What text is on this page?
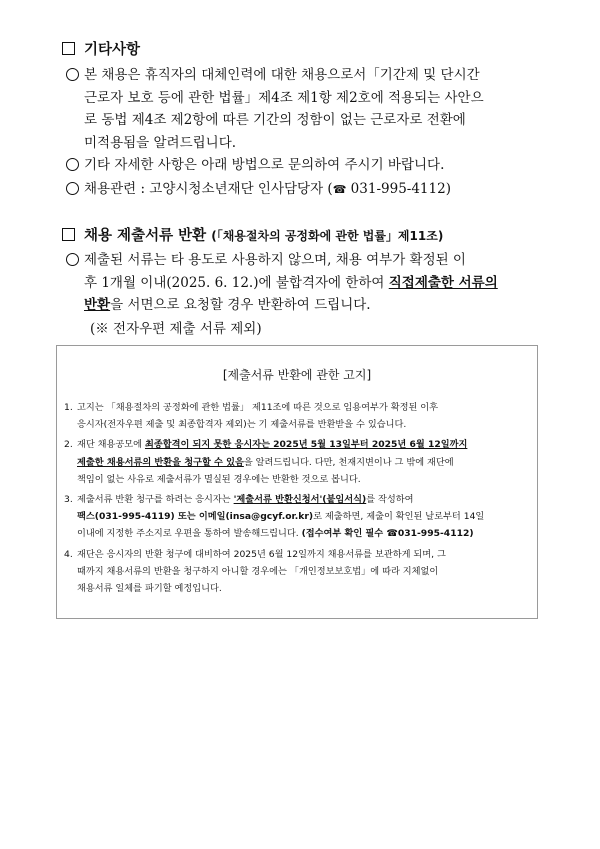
기타사항
본 채용은 휴직자의 대체인력에 대한 채용으로서「기간제 및 단시간
근로자 보호 등에 관한 법률」제4조 제1항 제2호에 적용되는 사안으
로 동법 제4조 제2항에 따른 기간의 정함이 없는 근로자로 전환에
미적용됨을 알려드립니다.
기타 자세한 사항은 아래 방법으로 문의하여 주시기 바랍니다.
채용관련 : 고양시청소년재단 인사담당자 (☎ 031-995-4112)
채용 제출서류 반환 (「채용절차의 공정화에 관한 법률」제11조)
제출된 서류는 타 용도로 사용하지 않으며, 채용 여부가 확정된 이
후 1개월 이내(2025. 6. 12.)에 불합격자에 한하여 직접제출한 서류의
반환을 서면으로 요청할 경우 반환하여 드립니다.
(※ 전자우편 제출 서류 제외)
[제출서류 반환에 관한 고지]
1. 고지는 「채용절차의 공정화에 관한 법률」 제11조에 따른 것으로 임용여부가 확정된 이후
응시자(전자우편 제출 및 최종합격자 제외)는 기 제출서류를 반환받을 수 있습니다.
2. 재단 채용공모에 최종합격이 되지 못한 응시자는 2025년 5월 13일부터 2025년 6월 12일까지
제출한 채용서류의 반환을 청구할 수 있음을 알려드립니다. 다만, 천재지변이나 그 밖에 재단에
책임이 없는 사유로 제출서류가 멸실된 경우에는 반환한 것으로 봅니다.
3. 제출서류 반환 청구를 하려는 응시자는 '제출서류 반환신청서'(붙임서식)를 작성하여
팩스(031-995-4119) 또는 이메일(insa@gcyf.or.kr)로 제출하면, 제출이 확인된 날로부터 14일
이내에 지정한 주소지로 우편을 통하여 발송해드립니다. (접수여부 확인 필수 ☎031-995-4112)
4. 재단은 응시자의 반환 청구에 대비하여 2025년 6월 12일까지 채용서류를 보관하게 되며, 그
때까지 채용서류의 반환을 청구하지 아니할 경우에는 「개인정보보호법」에 따라 지체없이
채용서류 일체를 파기할 예정입니다.
